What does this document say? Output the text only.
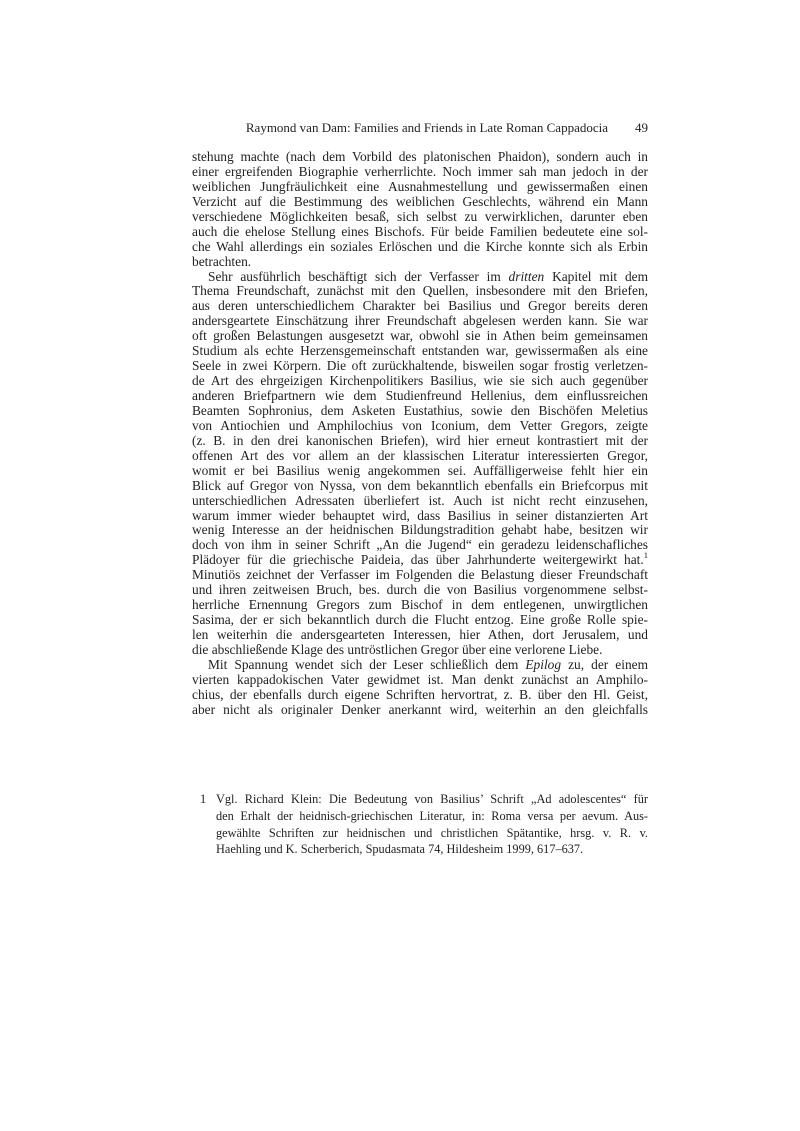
Raymond van Dam: Families and Friends in Late Roman Cappadocia 49
stehung machte (nach dem Vorbild des platonischen Phaidon), sondern auch in
einer ergreifenden Biographie verherrlichte. Noch immer sah man jedoch in der
weiblichen Jungfräulichkeit eine Ausnahmestellung und gewissermaßen einen
Verzicht auf die Bestimmung des weiblichen Geschlechts, während ein Mann
verschiedene Möglichkeiten besaß, sich selbst zu verwirklichen, darunter eben
auch die ehelose Stellung eines Bischofs. Für beide Familien bedeutete eine sol-
che Wahl allerdings ein soziales Erlöschen und die Kirche konnte sich als Erbin
betrachten.
Sehr ausführlich beschäftigt sich der Verfasser im dritten Kapitel mit dem
Thema Freundschaft, zunächst mit den Quellen, insbesondere mit den Briefen,
aus deren unterschiedlichem Charakter bei Basilius und Gregor bereits deren
andersgeartete Einschätzung ihrer Freundschaft abgelesen werden kann. Sie war
oft großen Belastungen ausgesetzt war, obwohl sie in Athen beim gemeinsamen
Studium als echte Herzensgemeinschaft entstanden war, gewissermaßen als eine
Seele in zwei Körpern. Die oft zurückhaltende, bisweilen sogar frostig verletzen-
de Art des ehrgeizigen Kirchenpolitikers Basilius, wie sie sich auch gegenüber
anderen Briefpartnern wie dem Studienfreund Hellenius, dem einflussreichen
Beamten Sophronius, dem Asketen Eustathius, sowie den Bischöfen Meletius
von Antiochien und Amphilochius von Iconium, dem Vetter Gregors, zeigte
(z. B. in den drei kanonischen Briefen), wird hier erneut kontrastiert mit der
offenen Art des vor allem an der klassischen Literatur interessierten Gregor,
womit er bei Basilius wenig angekommen sei. Auffälligerweise fehlt hier ein
Blick auf Gregor von Nyssa, von dem bekanntlich ebenfalls ein Briefcorpus mit
unterschiedlichen Adressaten überliefert ist. Auch ist nicht recht einzusehen,
warum immer wieder behauptet wird, dass Basilius in seiner distanzierten Art
wenig Interesse an der heidnischen Bildungstradition gehabt habe, besitzen wir
doch von ihm in seiner Schrift „An die Jugend“ ein geradezu leidenschafliches
Plädoyer für die griechische Paideia, das über Jahrhunderte weitergewirkt hat.$^1$
Minutiös zeichnet der Verfasser im Folgenden die Belastung dieser Freundschaft
und ihren zeitweisen Bruch, bes. durch die von Basilius vorgenommene selbst-
herrliche Ernennung Gregors zum Bischof in dem entlegenen, unwirgtlichen
Sasima, der er sich bekanntlich durch die Flucht entzog. Eine große Rolle spie-
len weiterhin die andersgearteten Interessen, hier Athen, dort Jerusalem, und
die abschließende Klage des untröstlichen Gregor über eine verlorene Liebe.
Mit Spannung wendet sich der Leser schließlich dem Epilog zu, der einem
vierten kappadokischen Vater gewidmet ist. Man denkt zunächst an Amphilo-
chius, der ebenfalls durch eigene Schriften hervortrat, z. B. über den Hl. Geist,
aber nicht als originaler Denker anerkannt wird, weiterhin an den gleichfalls
1 Vgl. Richard Klein: Die Bedeutung von Basilius’ Schrift „Ad adolescentes“ für
den Erhalt der heidnisch-griechischen Literatur, in: Roma versa per aevum. Aus-
gewählte Schriften zur heidnischen und christlichen Spätantike, hrsg. v. R. v.
Haehling und K. Scherberich, Spudasmata 74, Hildesheim 1999, 617–637.
